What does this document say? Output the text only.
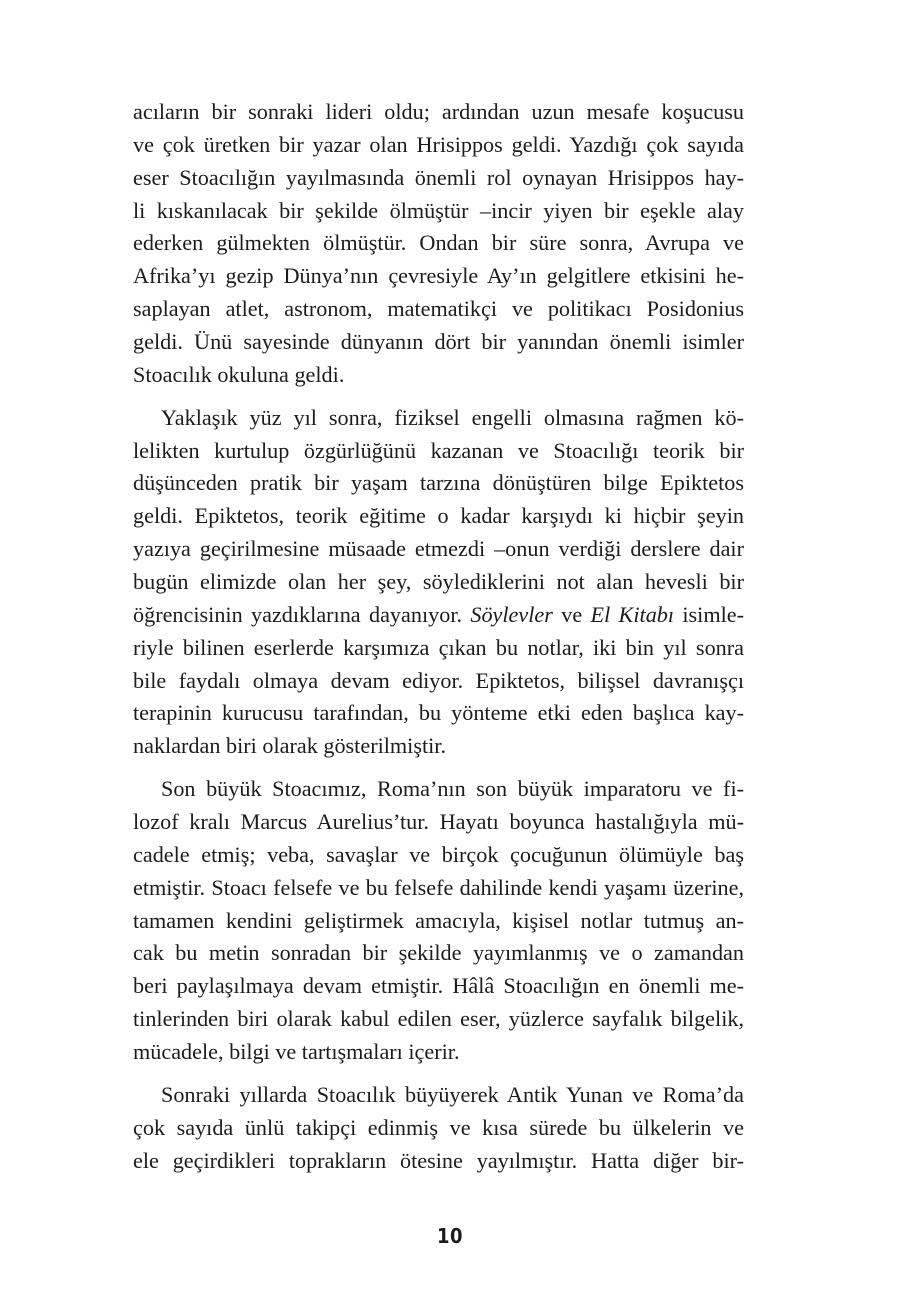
acıların bir sonraki lideri oldu; ardından uzun mesafe koşucusu
ve çok üretken bir yazar olan Hrisippos geldi. Yazdığı çok sayıda
eser Stoacılığın yayılmasında önemli rol oynayan Hrisippos hay-
li kıskanılacak bir şekilde ölmüştür –incir yiyen bir eşekle alay
ederken gülmekten ölmüştür. Ondan bir süre sonra, Avrupa ve
Afrika’yı gezip Dünya’nın çevresiyle Ay’ın gelgitlere etkisini he-
saplayan atlet, astronom, matematikçi ve politikacı Posidonius
geldi. Ünü sayesinde dünyanın dört bir yanından önemli isimler
Stoacılık okuluna geldi.

Yaklaşık yüz yıl sonra, fiziksel engelli olmasına rağmen kö-
lelikten kurtulup özgürlüğünü kazanan ve Stoacılığı teorik bir
düşünceden pratik bir yaşam tarzına dönüştüren bilge Epiktetos
geldi. Epiktetos, teorik eğitime o kadar karşıydı ki hiçbir şeyin
yazıya geçirilmesine müsaade etmezdi –onun verdiği derslere dair
bugün elimizde olan her şey, söylediklerini not alan hevesli bir
öğrencisinin yazdıklarına dayanıyor. Söylevler ve El Kitabı isimle-
riyle bilinen eserlerde karşımıza çıkan bu notlar, iki bin yıl sonra
bile faydalı olmaya devam ediyor. Epiktetos, bilişsel davranışçı
terapinin kurucusu tarafından, bu yönteme etki eden başlıca kay-
naklardan biri olarak gösterilmiştir.

Son büyük Stoacımız, Roma’nın son büyük imparatoru ve fi-
lozof kralı Marcus Aurelius’tur. Hayatı boyunca hastalığıyla mü-
cadele etmiş; veba, savaşlar ve birçok çocuğunun ölümüyle baş
etmiştir. Stoacı felsefe ve bu felsefe dahilinde kendi yaşamı üzerine,
tamamen kendini geliştirmek amacıyla, kişisel notlar tutmuş an-
cak bu metin sonradan bir şekilde yayımlanmış ve o zamandan
beri paylaşılmaya devam etmiştir. Hâlâ Stoacılığın en önemli me-
tinlerinden biri olarak kabul edilen eser, yüzlerce sayfalık bilgelik,
mücadele, bilgi ve tartışmaları içerir.

Sonraki yıllarda Stoacılık büyüyerek Antik Yunan ve Roma’da
çok sayıda ünlü takipçi edinmiş ve kısa sürede bu ülkelerin ve
ele geçirdikleri toprakların ötesine yayılmıştır. Hatta diğer bir-

10
